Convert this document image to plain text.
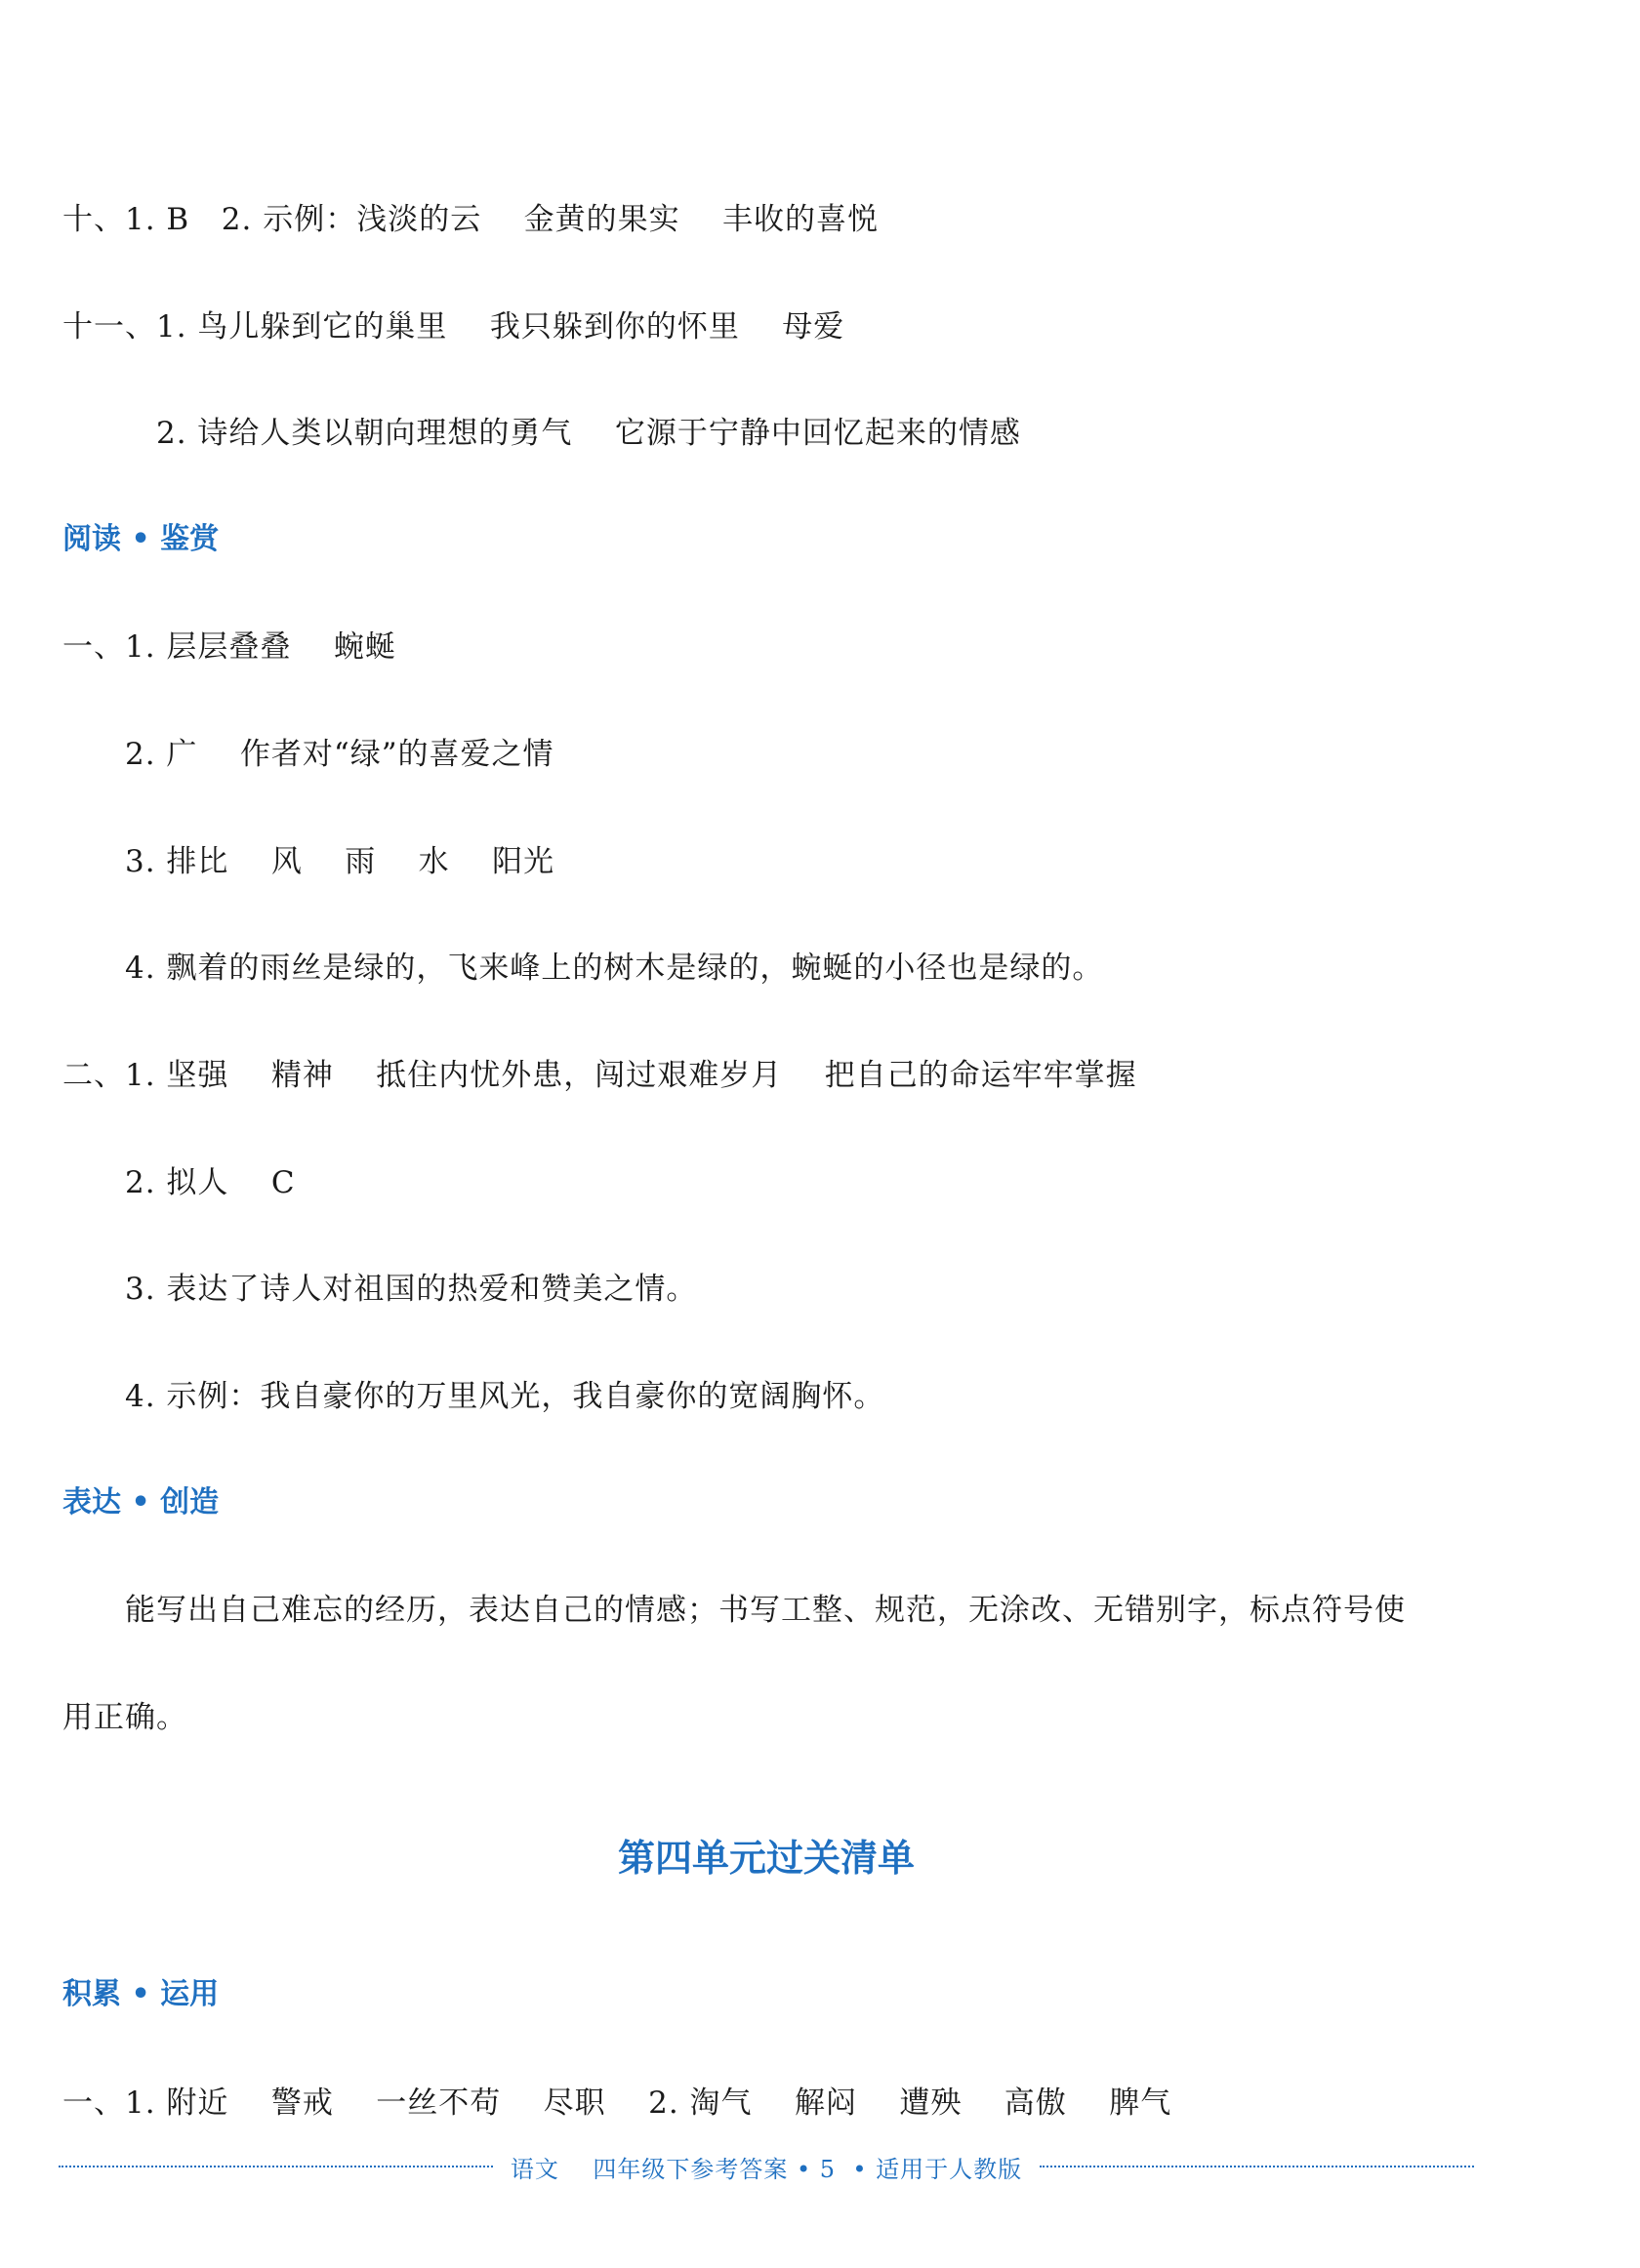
十、1. B   2. 示例：浅淡的云    金黄的果实    丰收的喜悦
十一、1. 鸟儿躲到它的巢里    我只躲到你的怀里    母爱
2. 诗给人类以朝向理想的勇气    它源于宁静中回忆起来的情感
阅读 • 鉴赏
一、1. 层层叠叠    蜿蜒
2. 广    作者对“绿”的喜爱之情
3. 排比    风    雨    水    阳光
4. 飘着的雨丝是绿的，飞来峰上的树木是绿的，蜿蜒的小径也是绿的。
二、1. 坚强    精神    抵住内忧外患，闯过艰难岁月    把自己的命运牢牢掌握
2. 拟人    C
3. 表达了诗人对祖国的热爱和赞美之情。
4. 示例：我自豪你的万里风光，我自豪你的宽阔胸怀。
表达 • 创造
能写出自己难忘的经历，表达自己的情感；书写工整、规范，无涂改、无错别字，标点符号使
用正确。
第四单元过关清单
积累 • 运用
一、1. 附近    警戒    一丝不苟    尽职    2. 淘气    解闷    遭殃    高傲    脾气
语文    四年级下参考答案 • 5  • 适用于人教版
